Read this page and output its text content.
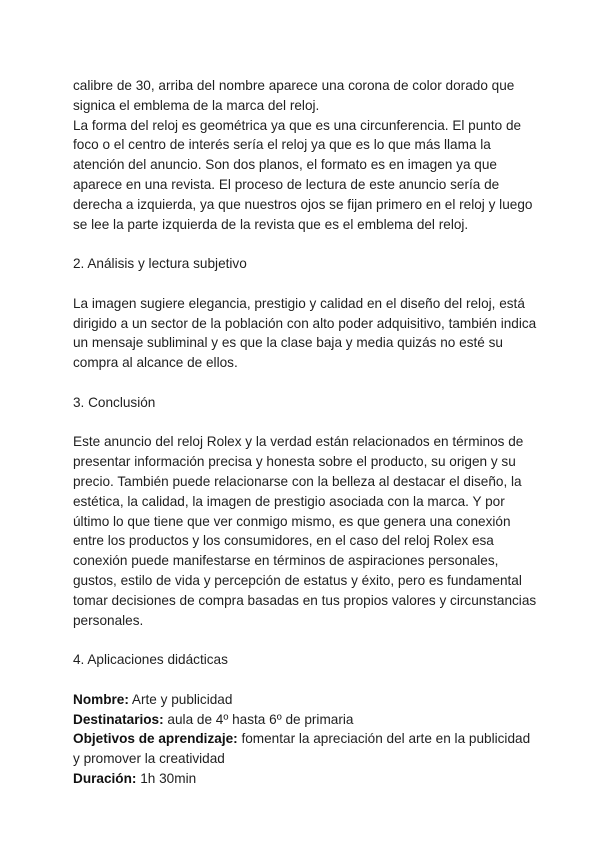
calibre de 30, arriba del nombre aparece una corona de color dorado que signica el emblema de la marca del reloj.

La forma del reloj es geométrica ya que es una circunferencia. El punto de foco o el centro de interés sería el reloj ya que es lo que más llama la atención del anuncio. Son dos planos, el formato es en imagen ya que aparece en una revista. El proceso de lectura de este anuncio sería de derecha a izquierda, ya que nuestros ojos se fijan primero en el reloj y luego se lee la parte izquierda de la revista que es el emblema del reloj.

2. Análisis y lectura subjetivo

La imagen sugiere elegancia, prestigio y calidad en el diseño del reloj, está dirigido a un sector de la población con alto poder adquisitivo, también indica un mensaje subliminal y es que la clase baja y media quizás no esté su compra al alcance de ellos.

3. Conclusión

Este anuncio del reloj Rolex y la verdad están relacionados en términos de presentar información precisa y honesta sobre el producto, su origen y su precio. También puede relacionarse con la belleza al destacar el diseño, la estética, la calidad, la imagen de prestigio asociada con la marca. Y por último lo que tiene que ver conmigo mismo, es que genera una conexión entre los productos y los consumidores, en el caso del reloj Rolex esa conexión puede manifestarse en términos de aspiraciones personales, gustos, estilo de vida y percepción de estatus y éxito, pero es fundamental tomar decisiones de compra basadas en tus propios valores y circunstancias personales.

4. Aplicaciones didácticas

Nombre: Arte y publicidad

Destinatarios: aula de 4º hasta 6º de primaria

Objetivos de aprendizaje: fomentar la apreciación del arte en la publicidad y promover la creatividad

Duración: 1h 30min
